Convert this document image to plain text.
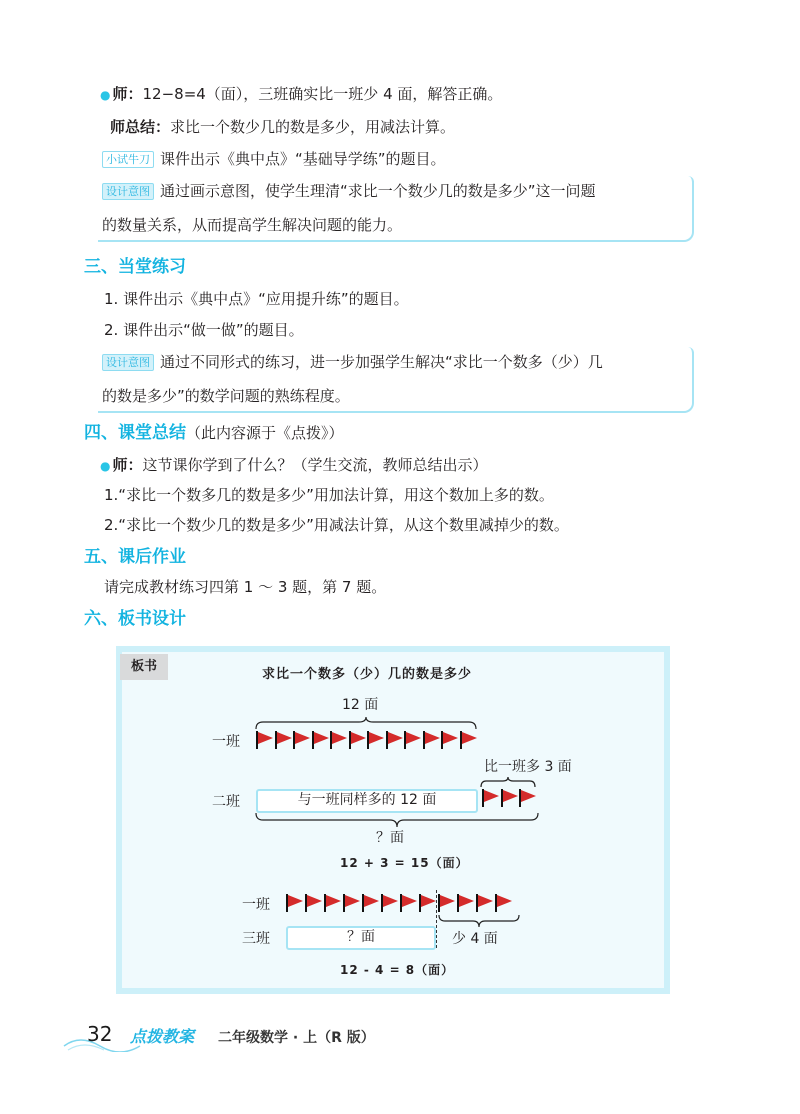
● 师：12−8=4（面），三班确实比一班少 4 面，解答正确。
师总结：求比一个数少几的数是多少，用减法计算。
小试牛刀 课件出示《典中点》“基础导学练”的题目。
设计意图 通过画示意图，使学生理清“求比一个数少几的数是多少”这一问题
的数量关系，从而提高学生解决问题的能力。
三、当堂练习
1. 课件出示《典中点》“应用提升练”的题目。
2. 课件出示“做一做”的题目。
设计意图 通过不同形式的练习，进一步加强学生解决“求比一个数多（少）几
的数是多少”的数学问题的熟练程度。
四、课堂总结（此内容源于《点拨》）
● 师：这节课你学到了什么？（学生交流，教师总结出示）
1.“求比一个数多几的数是多少”用加法计算，用这个数加上多的数。
2.“求比一个数少几的数是多少”用减法计算，从这个数里减掉少的数。
五、课后作业
请完成教材练习四第 1 ～ 3 题，第 7 题。
六、板书设计
板书
求比一个数多（少）几的数是多少
12 面
一班
比一班多 3 面
二班	与一班同样多的 12 面
？面
12 + 3 = 15（面）
一班
三班	？面	少 4 面
12 - 4 = 8（面）
32 点拨教案 二年级数学 · 上（R 版）
